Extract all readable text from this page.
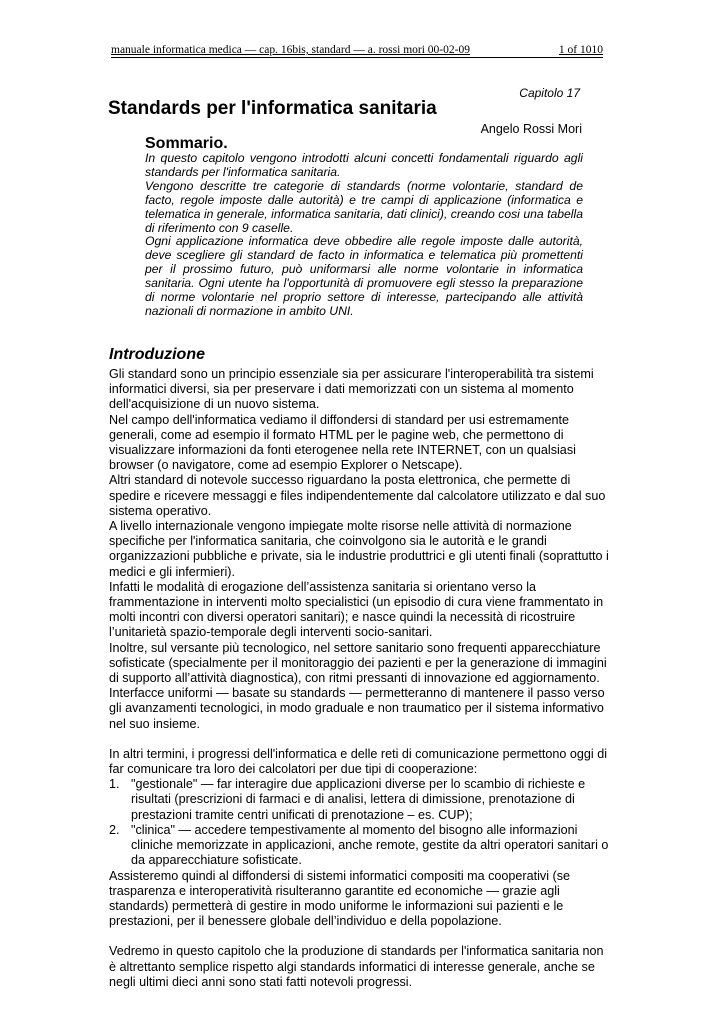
manuale informatica medica — cap. 16bis, standard — a. rossi mori 00-02-09	1 of 1010
Capitolo 17
Standards per l'informatica sanitaria
Angelo Rossi Mori
Sommario.

In questo capitolo vengono introdotti alcuni concetti fondamentali riguardo agli standards per l'informatica sanitaria.

Vengono descritte tre categorie di standards (norme volontarie, standard de facto, regole imposte dalle autorità) e tre campi di applicazione (informatica e telematica in generale, informatica sanitaria, dati clinici), creando cosi una tabella di riferimento con 9 caselle.

Ogni applicazione informatica deve obbedire alle regole imposte dalle autorità, deve scegliere gli standard de facto in informatica e telematica più promettenti per il prossimo futuro, può uniformarsi alle norme volontarie in informatica sanitaria. Ogni utente ha l'opportunità di promuovere egli stesso la preparazione di norme volontarie nel proprio settore di interesse, partecipando alle attività nazionali di normazione in ambito UNI.

Introduzione

Gli standard sono un principio essenziale sia per assicurare l'interoperabilità tra sistemi informatici diversi, sia per preservare i dati memorizzati con un sistema al momento dell'acquisizione di un nuovo sistema.

Nel campo dell'informatica vediamo il diffondersi di standard per usi estremamente generali, come ad esempio il formato HTML per le pagine web, che permettono di visualizzare informazioni da fonti eterogenee nella rete INTERNET, con un qualsiasi browser (o navigatore, come ad esempio Explorer o Netscape).

Altri standard di notevole successo riguardano la posta elettronica, che permette di spedire e ricevere messaggi e files indipendentemente dal calcolatore utilizzato e dal suo sistema operativo.

A livello internazionale vengono impiegate molte risorse nelle attività di normazione specifiche per l'informatica sanitaria, che coinvolgono sia le autorità e le grandi organizzazioni pubbliche e private, sia le industrie produttrici e gli utenti finali (soprattutto i medici e gli infermieri).

Infatti le modalità di erogazione dell’assistenza sanitaria si orientano verso la frammentazione in interventi molto specialistici (un episodio di cura viene frammentato in molti incontri con diversi operatori sanitari); e nasce quindi la necessità di ricostruire l’unitarietà spazio-temporale degli interventi socio-sanitari.

Inoltre, sul versante più tecnologico, nel settore sanitario sono frequenti apparecchiature sofisticate (specialmente per il monitoraggio dei pazienti e per la generazione di immagini di supporto all’attività diagnostica), con ritmi pressanti di innovazione ed aggiornamento.

Interfacce uniformi — basate su standards — permetteranno di mantenere il passo verso gli avanzamenti tecnologici, in modo graduale e non traumatico per il sistema informativo nel suo insieme.

In altri termini, i progressi dell'informatica e delle reti di comunicazione permettono oggi di far comunicare tra loro dei calcolatori per due tipi di cooperazione:

1. "gestionale" — far interagire due applicazioni diverse per lo scambio di richieste e risultati (prescrizioni di farmaci e di analisi, lettera di dimissione, prenotazione di prestazioni tramite centri unificati di prenotazione – es. CUP);
2. "clinica" — accedere tempestivamente al momento del bisogno alle informazioni cliniche memorizzate in applicazioni, anche remote, gestite da altri operatori sanitari o da apparecchiature sofisticate.

Assisteremo quindi al diffondersi di sistemi informatici compositi ma cooperativi (se trasparenza e interoperatività risulteranno garantite ed economiche — grazie agli standards) permetterà di gestire in modo uniforme le informazioni sui pazienti e le prestazioni, per il benessere globale dell’individuo e della popolazione.

Vedremo in questo capitolo che la produzione di standards per l'informatica sanitaria non è altrettanto semplice rispetto algi standards informatici di interesse generale, anche se negli ultimi dieci anni sono stati fatti notevoli progressi.
